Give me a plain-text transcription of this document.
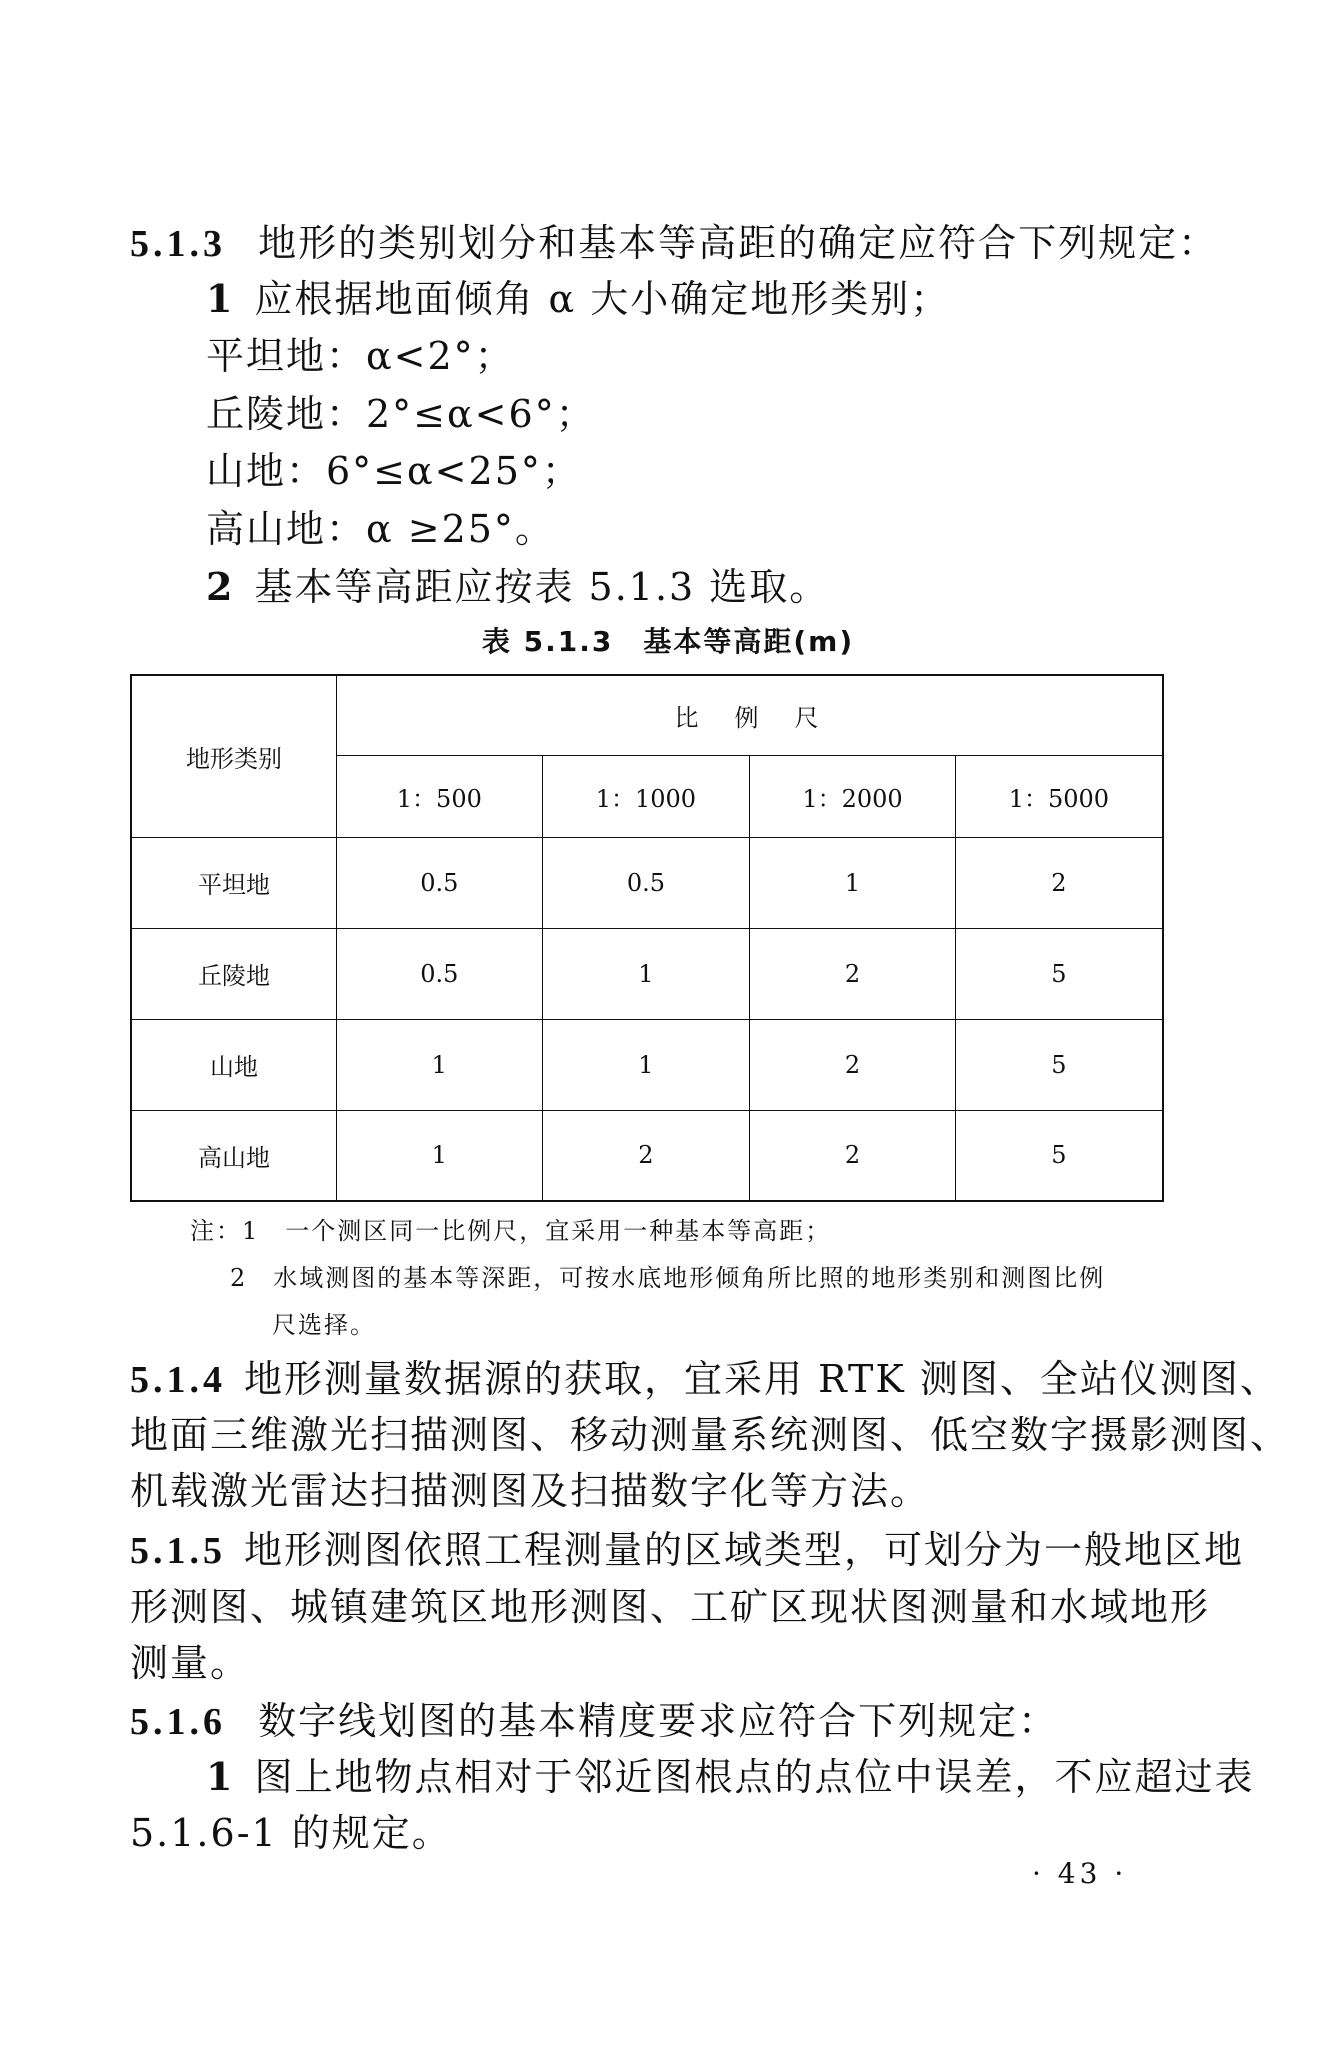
5.1.3 地形的类别划分和基本等高距的确定应符合下列规定：
1 应根据地面倾角 α 大小确定地形类别；
平坦地：α<2°；
丘陵地：2°≤α<6°；
山地：6°≤α<25°；
高山地：α ≥25°。
2 基本等高距应按表 5.1.3 选取。
表 5.1.3　基本等高距(m)
地形类别	比　例　尺			
	1：500	1：1000	1：2000	1：5000
平坦地	0.5	0.5	1	2
丘陵地	0.5	1	2	5
山地	1	1	2	5
高山地	1	2	2	5
注：1 一个测区同一比例尺，宜采用一种基本等高距；
2 水域测图的基本等深距，可按水底地形倾角所比照的地形类别和测图比例
尺选择。
5.1.4 地形测量数据源的获取，宜采用 RTK 测图、全站仪测图、
地面三维激光扫描测图、移动测量系统测图、低空数字摄影测图、
机载激光雷达扫描测图及扫描数字化等方法。
5.1.5 地形测图依照工程测量的区域类型，可划分为一般地区地
形测图、城镇建筑区地形测图、工矿区现状图测量和水域地形
测量。
5.1.6 数字线划图的基本精度要求应符合下列规定：
1 图上地物点相对于邻近图根点的点位中误差，不应超过表
5.1.6-1 的规定。
· 43 ·
